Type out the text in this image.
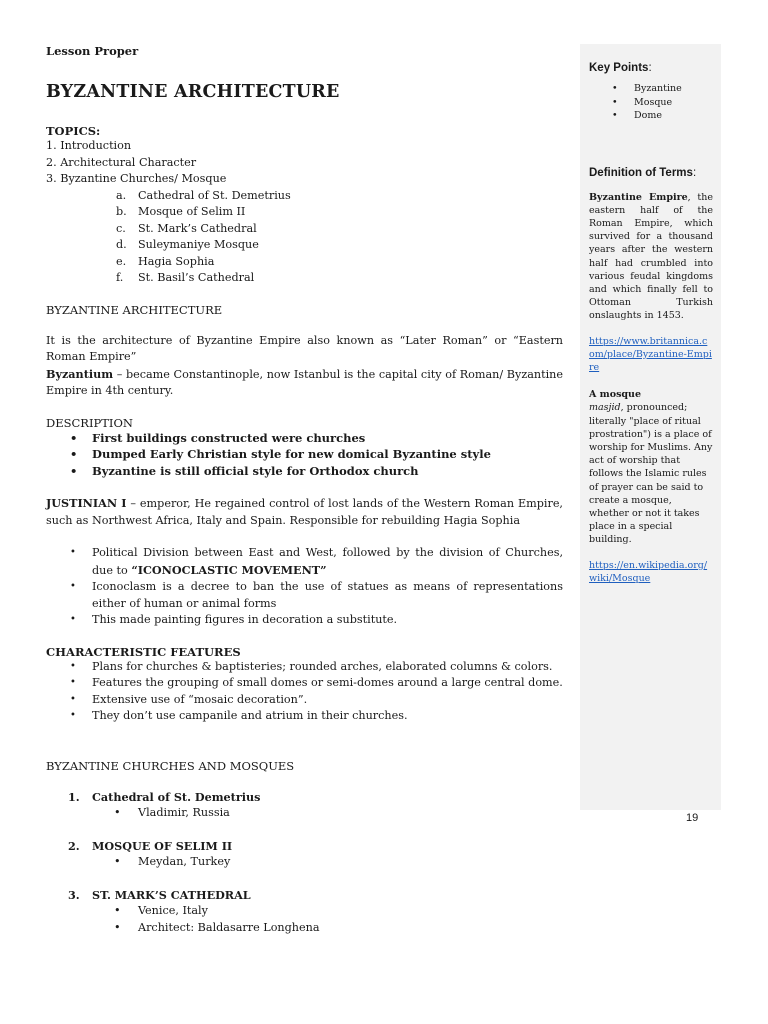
Lesson Proper

BYZANTINE ARCHITECTURE

TOPICS:

1. Introduction

2. Architectural Character

3. Byzantine Churches/ Mosque

a.	Cathedral of St. Demetrius
b.	Mosque of Selim II
c.	St. Mark’s Cathedral
d.	Suleymaniye Mosque
e.	Hagia Sophia
f.	St. Basil’s Cathedral

BYZANTINE ARCHITECTURE

It is the architecture of Byzantine Empire also known as “Later Roman” or “Eastern Roman Empire”

Byzantium – became Constantinople, now Istanbul is the capital city of Roman/ Byzantine Empire in 4th century.

DESCRIPTION

•	First buildings constructed were churches
•	Dumped Early Christian style for new domical Byzantine style
•	Byzantine is still official style for Orthodox church

JUSTINIAN I – emperor, He regained control of lost lands of the Western Roman Empire, such as Northwest Africa, Italy and Spain. Responsible for rebuilding Hagia Sophia

•	Political Division between East and West, followed by the division of Churches, due to “ICONOCLASTIC MOVEMENT”
•	Iconoclasm is a decree to ban the use of statues as means of representations either of human or animal forms
•	This made painting figures in decoration a substitute.

CHARACTERISTIC FEATURES

•	Plans for churches & baptisteries; rounded arches, elaborated columns & colors.
•	Features the grouping of small domes or semi-domes around a large central dome.
•	Extensive use of “mosaic decoration”.
•	They don’t use campanile and atrium in their churches.

BYZANTINE CHURCHES AND MOSQUES

1. Cathedral of St. Demetrius
•	Vladimir, Russia
2. MOSQUE OF SELIM II
•	Meydan, Turkey
3. ST. MARK’S CATHEDRAL
•	Venice, Italy
•	Architect: Baldasarre Longhena

Key Points:

•	Byzantine
•	Mosque
•	Dome

Definition of Terms:

Byzantine Empire, the eastern half of the Roman Empire, which survived for a thousand years after the western half had crumbled into various feudal kingdoms and which finally fell to Ottoman Turkish onslaughts in 1453.

https://www.britannica.com/place/Byzantine-Empire

A mosque
masjid, pronounced; literally "place of ritual prostration") is a place of worship for Muslims. Any act of worship that follows the Islamic rules of prayer can be said to create a mosque, whether or not it takes place in a special building.

https://en.wikipedia.org/wiki/Mosque

19
